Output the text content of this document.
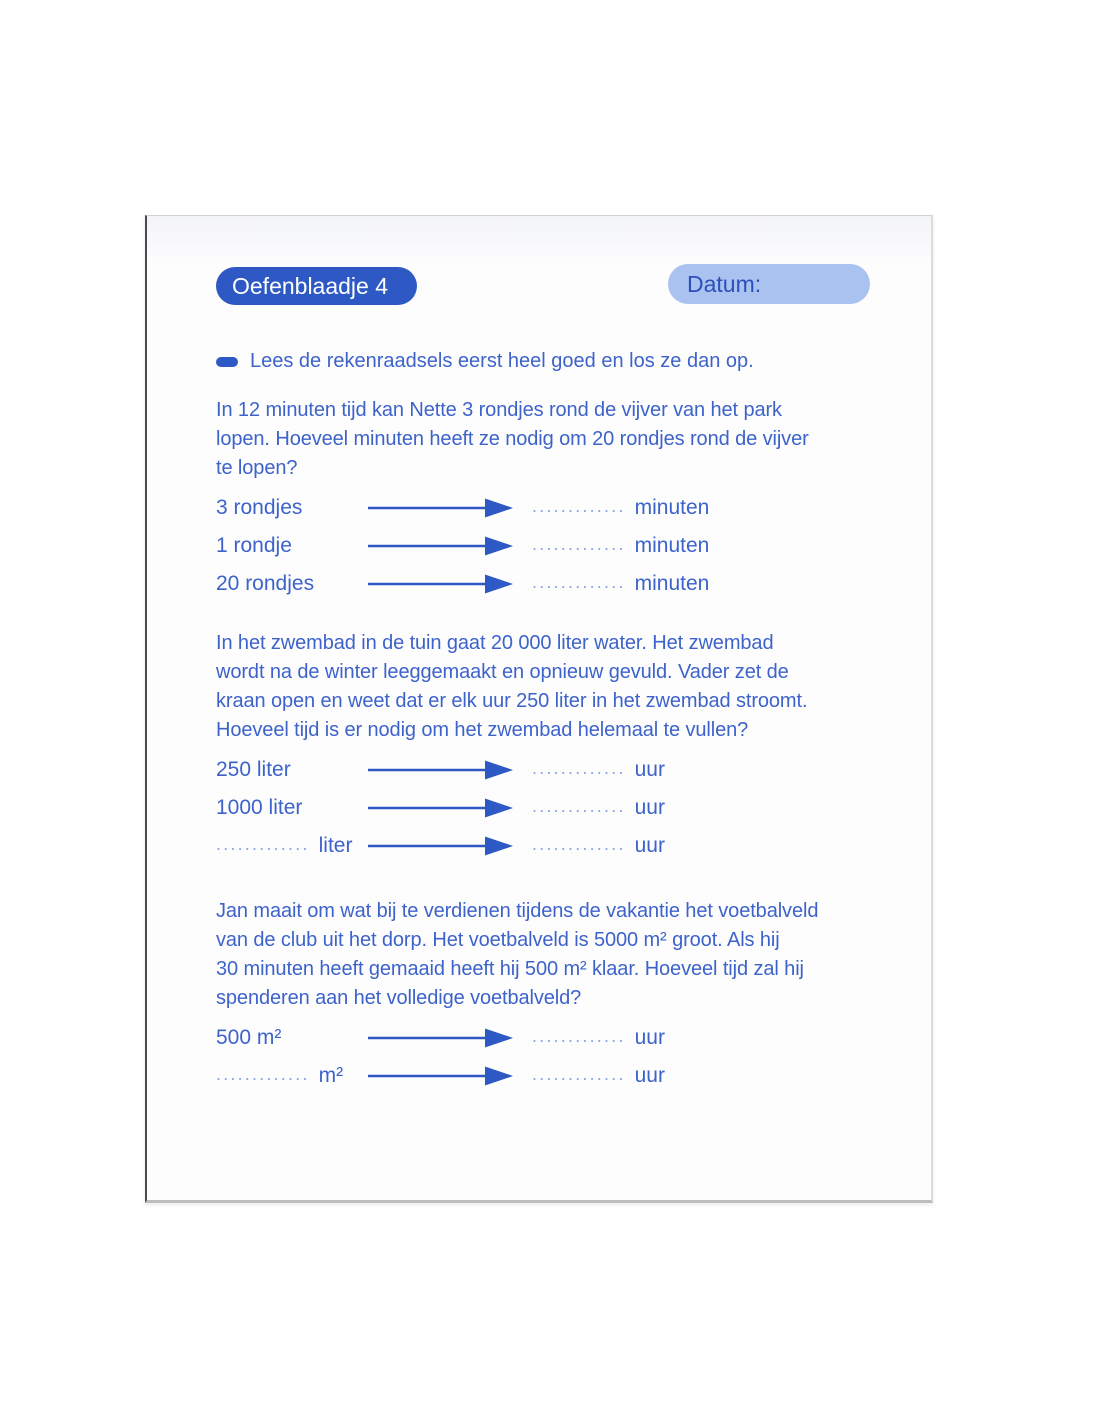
Oefenblaadje 4	Datum:
Lees de rekenraadsels eerst heel goed en los ze dan op.
In 12 minuten tijd kan Nette 3 rondjes rond de vijver van het park
lopen. Hoeveel minuten heeft ze nodig om 20 rondjes rond de vijver
te lopen?
3 rondjes	............. minuten
1 rondje	............. minuten
20 rondjes	............. minuten
In het zwembad in de tuin gaat 20 000 liter water. Het zwembad
wordt na de winter leeggemaakt en opnieuw gevuld. Vader zet de
kraan open en weet dat er elk uur 250 liter in het zwembad stroomt.
Hoeveel tijd is er nodig om het zwembad helemaal te vullen?
250 liter	............. uur
1000 liter	............. uur
............. liter	............. uur
Jan maait om wat bij te verdienen tijdens de vakantie het voetbalveld
van de club uit het dorp. Het voetbalveld is 5000 m² groot. Als hij
30 minuten heeft gemaaid heeft hij 500 m² klaar. Hoeveel tijd zal hij
spenderen aan het volledige voetbalveld?
500 m²	............. uur
............. m²	............. uur
